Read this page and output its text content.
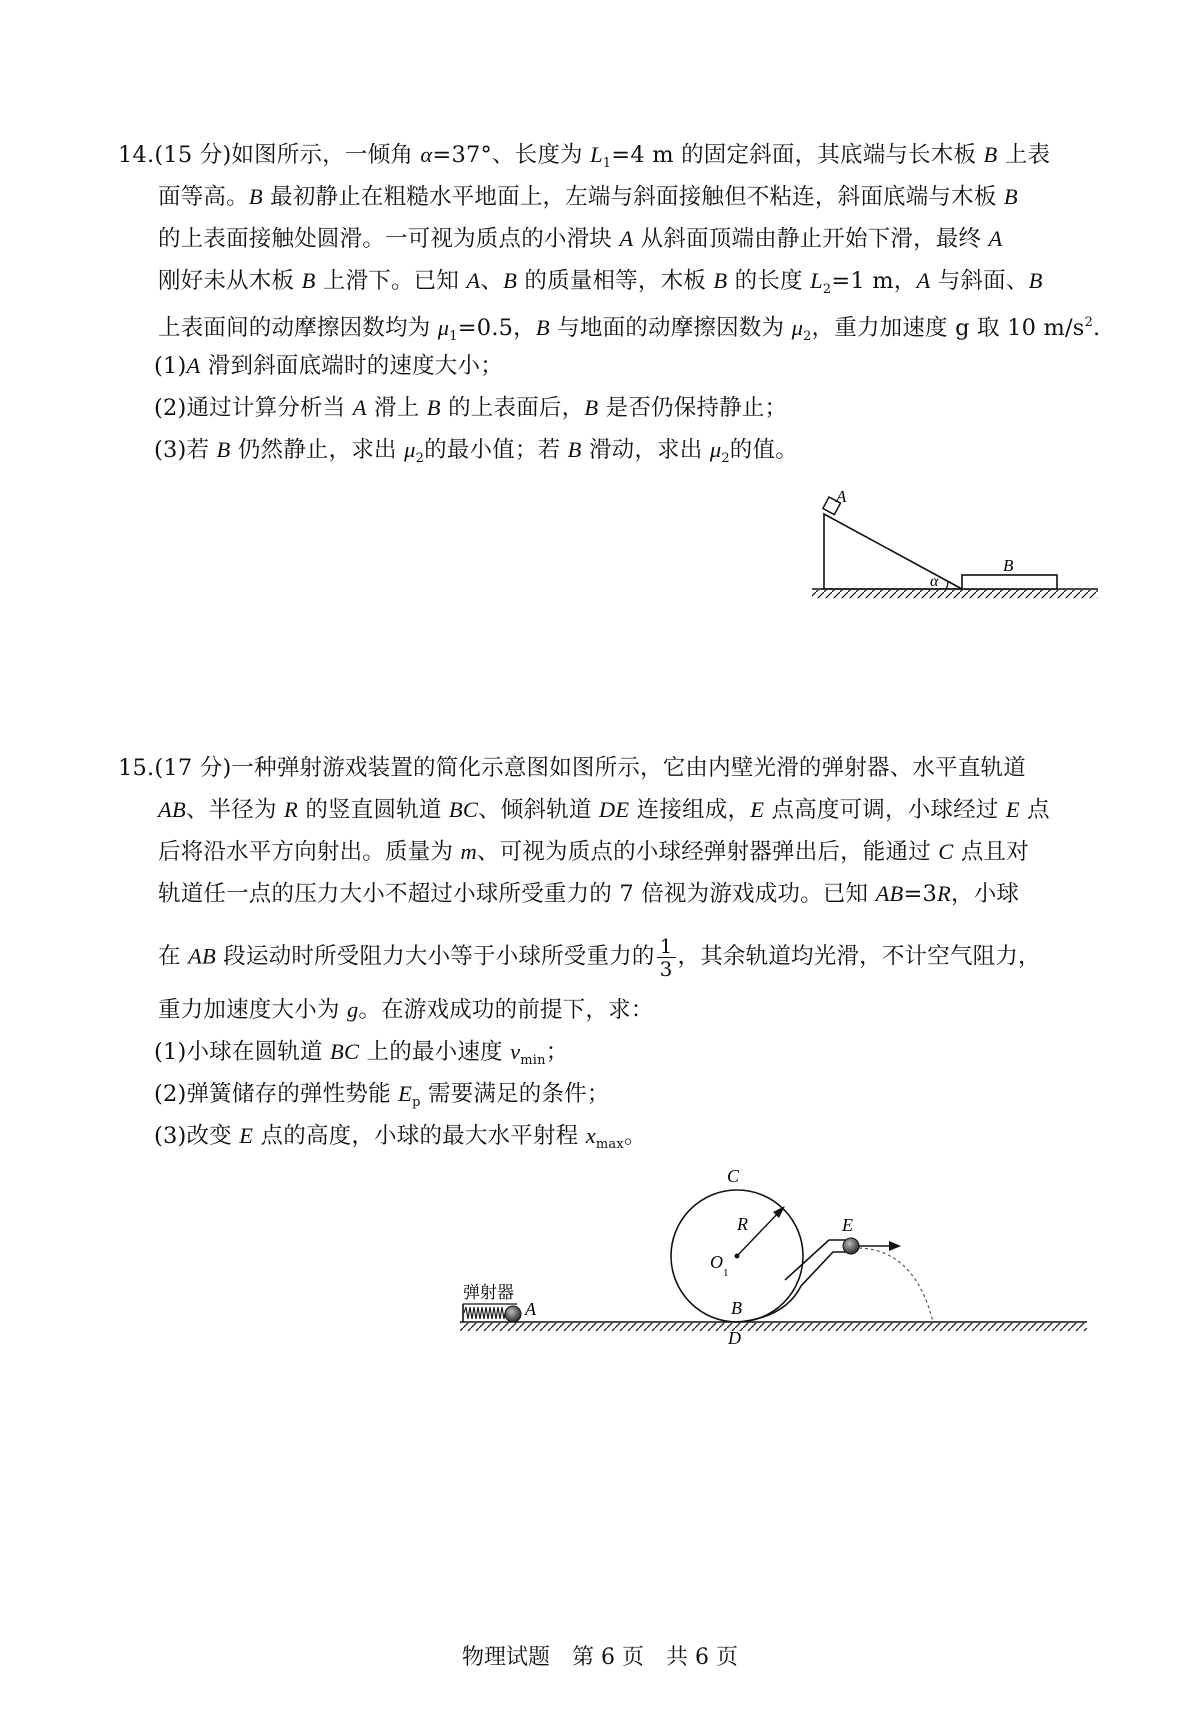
14.(15 分)如图所示，一倾角 α=37°、长度为 $L_1=4$ m 的固定斜面，其底端与长木板 B 上表
面等高。B 最初静止在粗糙水平地面上，左端与斜面接触但不粘连，斜面底端与木板 B
的上表面接触处圆滑。一可视为质点的小滑块 A 从斜面顶端由静止开始下滑，最终 A
刚好未从木板 B 上滑下。已知 A、B 的质量相等，木板 B 的长度 $L_2=1$ m，A 与斜面、B
上表面间的动摩擦因数均为 $\mu_1=0.5$，B 与地面的动摩擦因数为 $\mu_2$，重力加速度 g 取 10 $m/s^2$.
(1)A 滑到斜面底端时的速度大小；
(2)通过计算分析当 A 滑上 B 的上表面后，B 是否仍保持静止；
(3)若 B 仍然静止，求出 $\mu_2$的最小值；若 B 滑动，求出 $\mu_2$的值。
A
B
α
15.(17 分)一种弹射游戏装置的简化示意图如图所示，它由内壁光滑的弹射器、水平直轨道
AB、半径为 R 的竖直圆轨道 BC、倾斜轨道 DE 连接组成，E 点高度可调，小球经过 E 点
后将沿水平方向射出。质量为 m、可视为质点的小球经弹射器弹出后，能通过 C 点且对
轨道任一点的压力大小不超过小球所受重力的 7 倍视为游戏成功。已知 AB=3R，小球
在 AB 段运动时所受阻力大小等于小球所受重力的 $\frac{1}{3}$ ，其余轨道均光滑，不计空气阻力，
重力加速度大小为 g。在游戏成功的前提下，求：
(1)小球在圆轨道 BC 上的最小速度 $v_{min}$；
(2)弹簧储存的弹性势能 $E_p$ 需要满足的条件；
(3)改变 E 点的高度，小球的最大水平射程 $x_{max}$。
弹射器
A
R
O
1
C
B
D
E
物理试题　第 6 页　共 6 页
